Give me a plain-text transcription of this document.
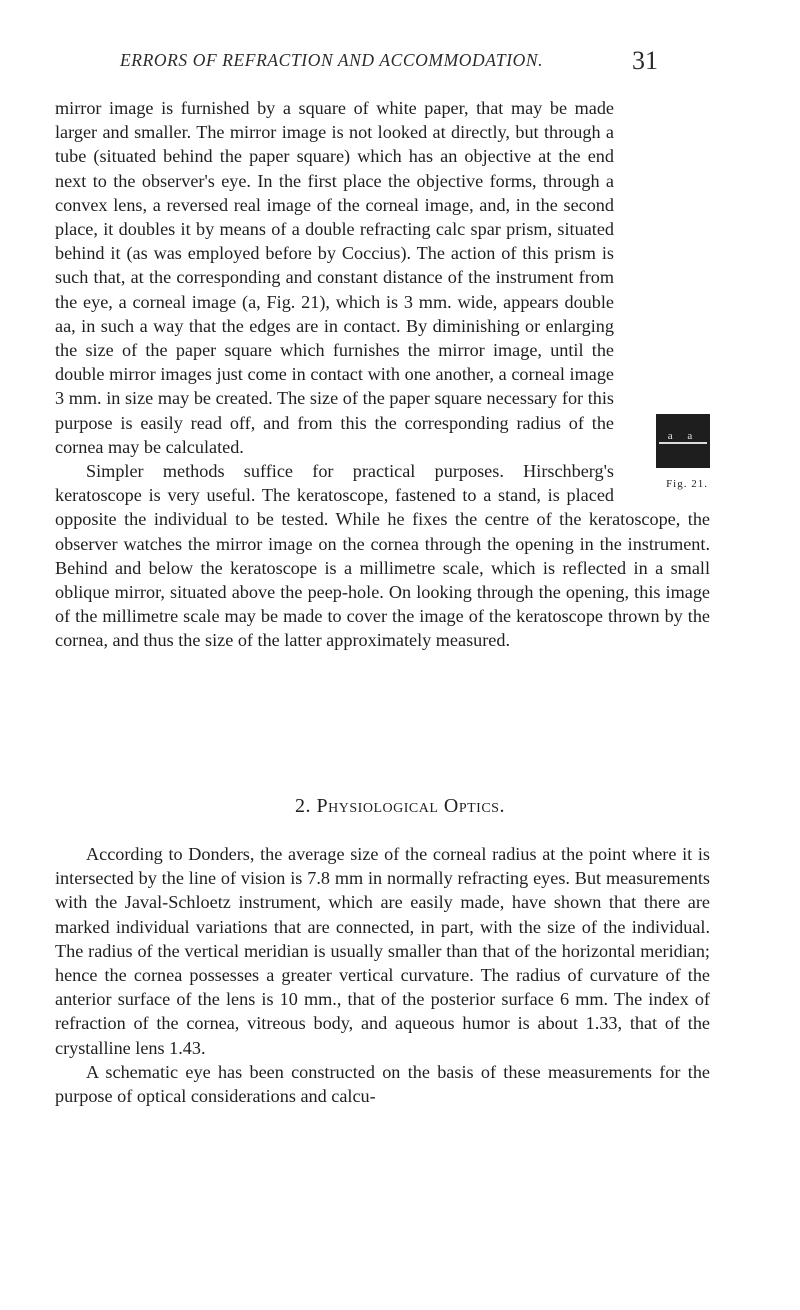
ERRORS OF REFRACTION AND ACCOMMODATION.	31
a a
Fig. 21.
mirror image is furnished by a square of white paper, that may be made larger and smaller. The mirror image is not looked at directly, but through a tube (situated behind the paper square) which has an objective at the end next to the observer's eye. In the first place the objective forms, through a convex lens, a reversed real image of the corneal image, and, in the second place, it doubles it by means of a double refracting calc spar prism, situated behind it (as was employed before by Coccius). The action of this prism is such that, at the corresponding and constant distance of the instrument from the eye, a corneal image (a, Fig. 21), which is 3 mm. wide, appears double aa, in such a way that the edges are in contact. By diminishing or enlarging the size of the paper square which furnishes the mirror image, until the double mirror images just come in contact with one another, a corneal image 3 mm. in size may be created. The size of the paper square necessary for this purpose is easily read off, and from this the corresponding radius of the cornea may be calculated.
Simpler methods suffice for practical purposes. Hirschberg's keratoscope is very useful. The keratoscope, fastened to a stand, is placed opposite the individual to be tested. While he fixes the centre of the keratoscope, the observer watches the mirror image on the cornea through the opening in the instrument. Behind and below the keratoscope is a millimetre scale, which is reflected in a small oblique mirror, situated above the peep-hole. On looking through the opening, this image of the millimetre scale may be made to cover the image of the keratoscope thrown by the cornea, and thus the size of the latter approximately measured.
2. Physiological Optics.
According to Donders, the average size of the corneal radius at the point where it is intersected by the line of vision is 7.8 mm in normally refracting eyes. But measurements with the Javal-Schloetz instrument, which are easily made, have shown that there are marked individual variations that are connected, in part, with the size of the individual. The radius of the vertical meridian is usually smaller than that of the horizontal meridian; hence the cornea possesses a greater vertical curvature. The radius of curvature of the anterior surface of the lens is 10 mm., that of the posterior surface 6 mm. The index of refraction of the cornea, vitreous body, and aqueous humor is about 1.33, that of the crystalline lens 1.43.
A schematic eye has been constructed on the basis of these measurements for the purpose of optical considerations and calcu-
